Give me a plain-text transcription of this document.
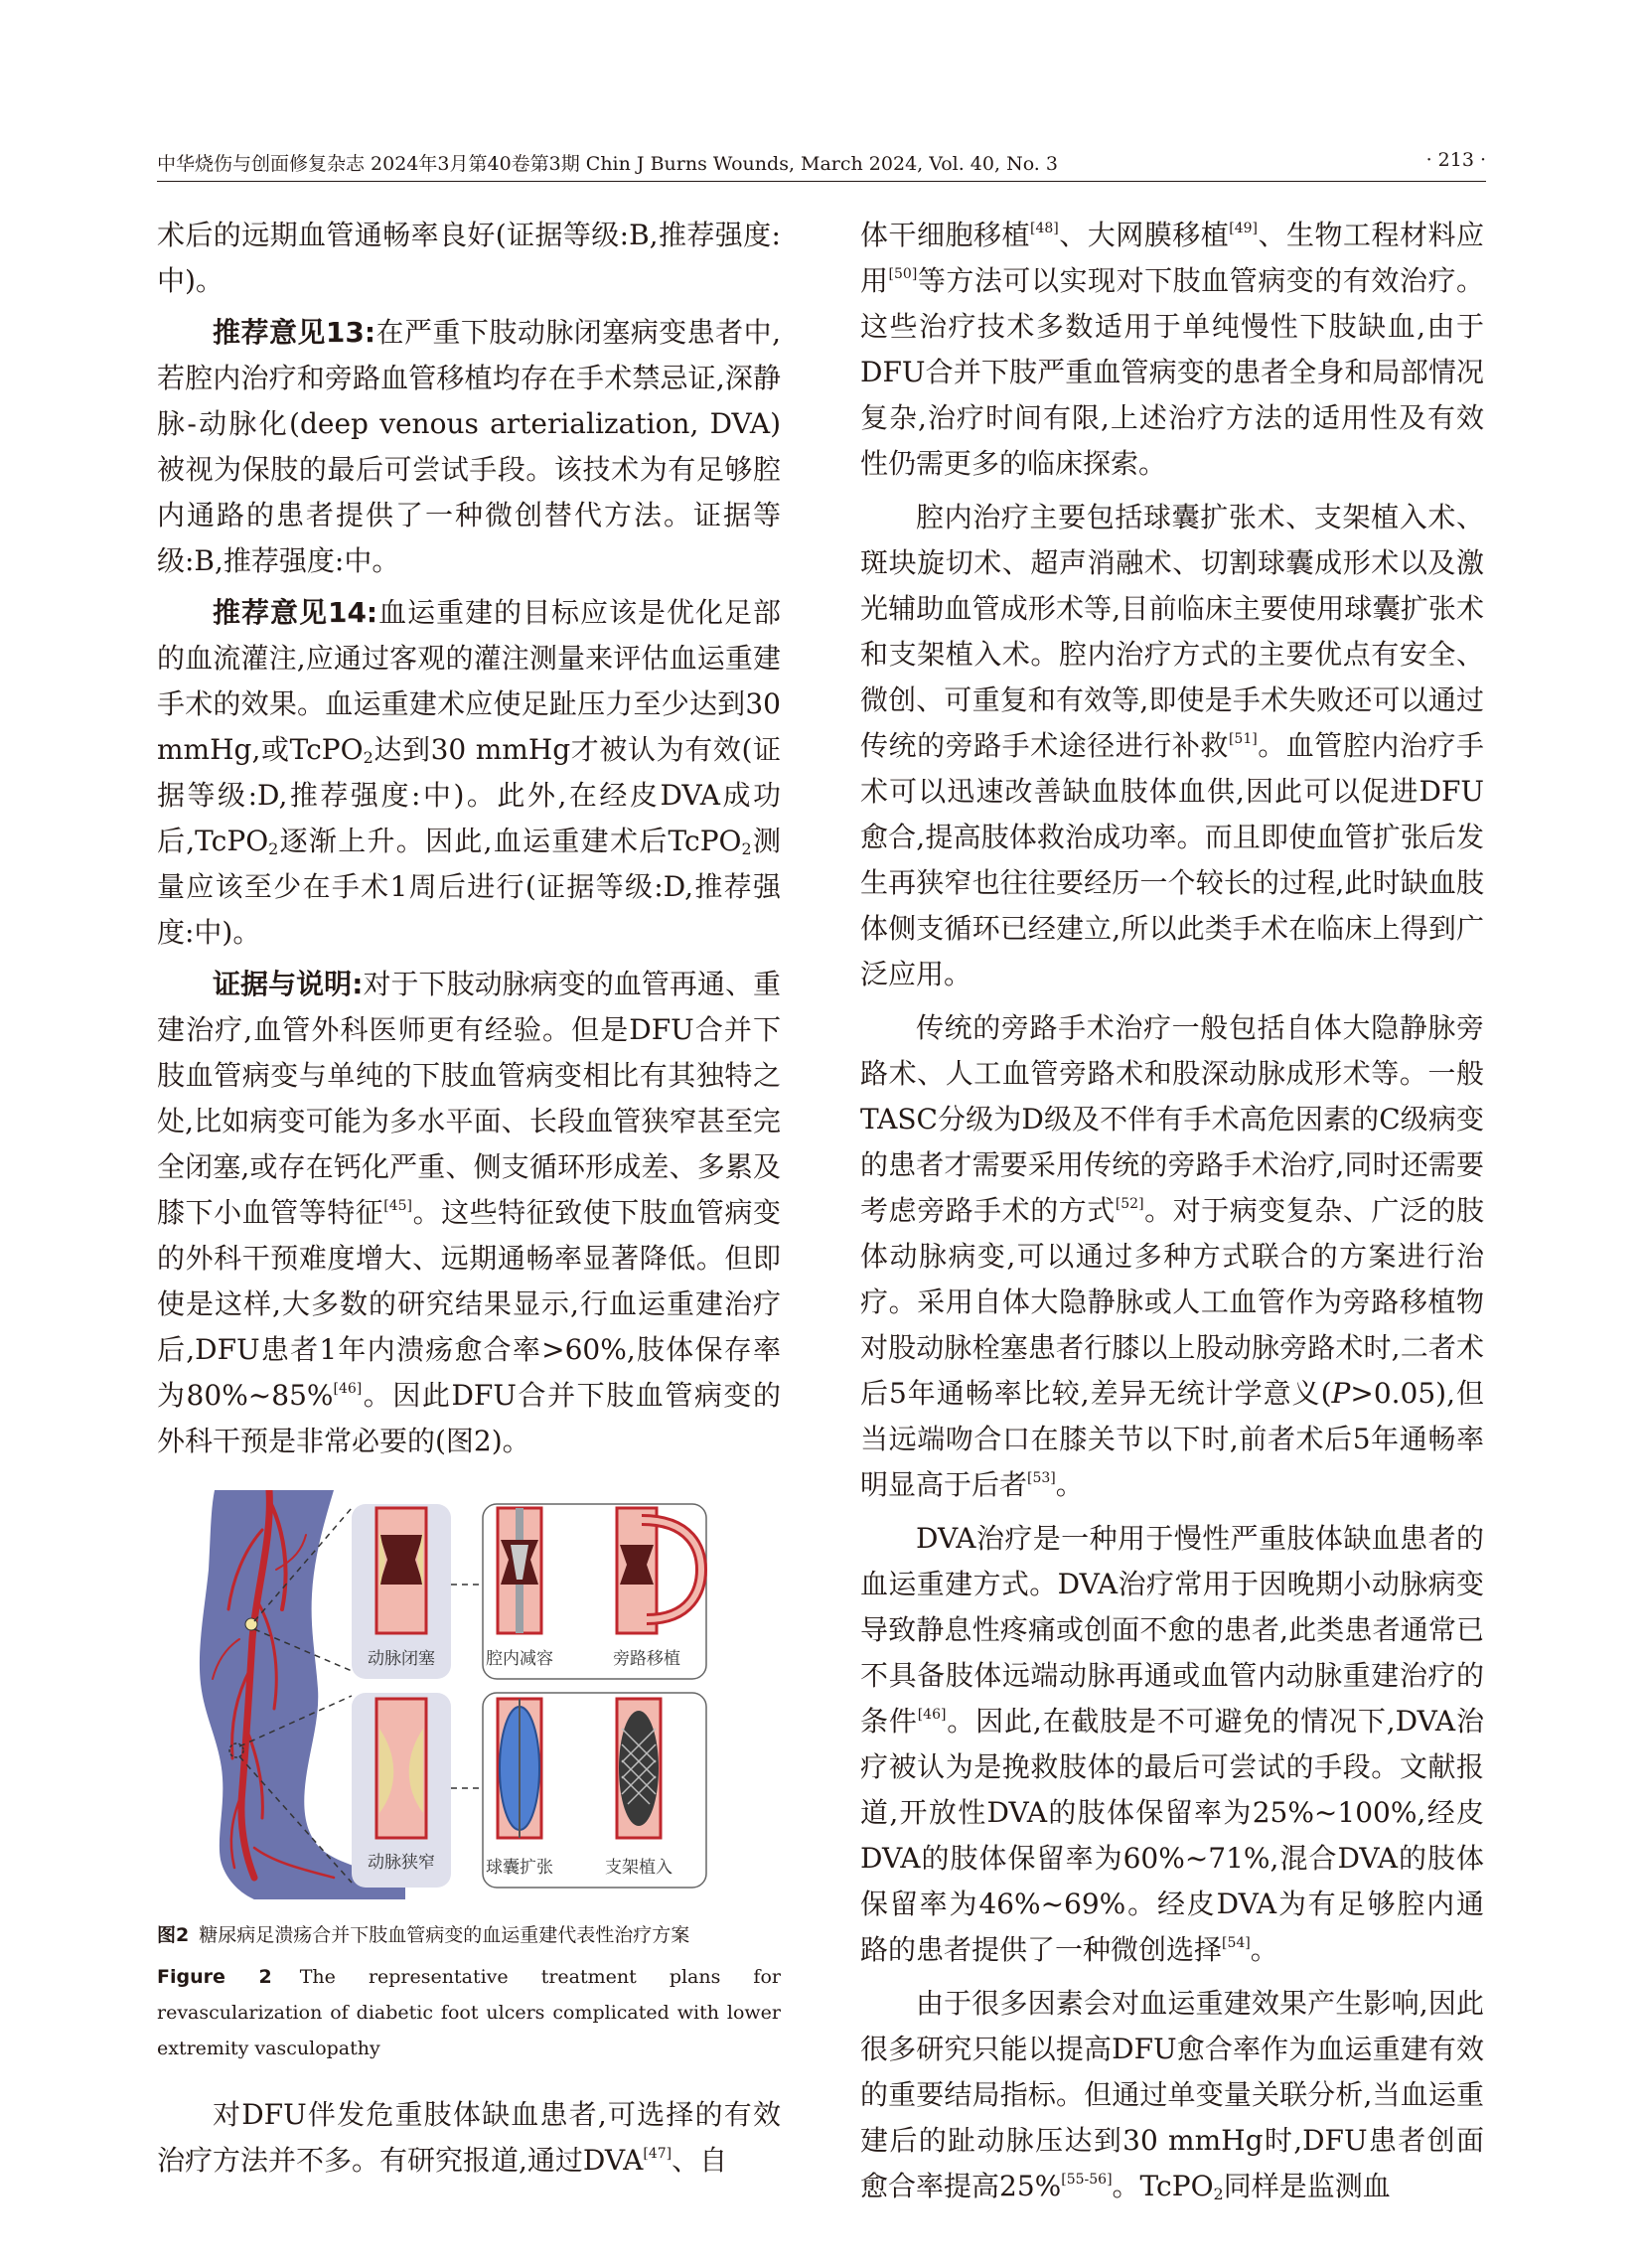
中华烧伤与创面修复杂志 2024年3月第40卷第3期 Chin J Burns Wounds, March 2024, Vol. 40, No. 3	· 213 ·

术后的远期血管通畅率良好(证据等级:B,推荐强度:中)。

推荐意见13:在严重下肢动脉闭塞病变患者中,若腔内治疗和旁路血管移植均存在手术禁忌证,深静脉-动脉化(deep venous arterialization, DVA)被视为保肢的最后可尝试手段。该技术为有足够腔内通路的患者提供了一种微创替代方法。证据等级:B,推荐强度:中。

推荐意见14:血运重建的目标应该是优化足部的血流灌注,应通过客观的灌注测量来评估血运重建手术的效果。血运重建术应使足趾压力至少达到30 mmHg,或TcPO$_2$达到30 mmHg才被认为有效(证据等级:D,推荐强度:中)。此外,在经皮DVA成功后,TcPO$_2$逐渐上升。因此,血运重建术后TcPO$_2$测量应该至少在手术1周后进行(证据等级:D,推荐强度:中)。

证据与说明:对于下肢动脉病变的血管再通、重建治疗,血管外科医师更有经验。但是DFU合并下肢血管病变与单纯的下肢血管病变相比有其独特之处,比如病变可能为多水平面、长段血管狭窄甚至完全闭塞,或存在钙化严重、侧支循环形成差、多累及膝下小血管等特征[45]。这些特征致使下肢血管病变的外科干预难度增大、远期通畅率显著降低。但即使是这样,大多数的研究结果显示,行血运重建治疗后,DFU患者1年内溃疡愈合率>60%,肢体保存率为80%~85%[46]。因此DFU合并下肢血管病变的外科干预是非常必要的(图2)。

动脉闭塞	腔内减容	旁路移植
动脉狭窄	球囊扩张	支架植入
图2 糖尿病足溃疡合并下肢血管病变的血运重建代表性治疗方案
Figure 2 The representative treatment plans for revascularization of diabetic foot ulcers complicated with lower extremity vasculopathy

对DFU伴发危重肢体缺血患者,可选择的有效治疗方法并不多。有研究报道,通过DVA[47]、自

体干细胞移植[48]、大网膜移植[49]、生物工程材料应用[50]等方法可以实现对下肢血管病变的有效治疗。这些治疗技术多数适用于单纯慢性下肢缺血,由于DFU合并下肢严重血管病变的患者全身和局部情况复杂,治疗时间有限,上述治疗方法的适用性及有效性仍需更多的临床探索。

腔内治疗主要包括球囊扩张术、支架植入术、斑块旋切术、超声消融术、切割球囊成形术以及激光辅助血管成形术等,目前临床主要使用球囊扩张术和支架植入术。腔内治疗方式的主要优点有安全、微创、可重复和有效等,即使是手术失败还可以通过传统的旁路手术途径进行补救[51]。血管腔内治疗手术可以迅速改善缺血肢体血供,因此可以促进DFU愈合,提高肢体救治成功率。而且即使血管扩张后发生再狭窄也往往要经历一个较长的过程,此时缺血肢体侧支循环已经建立,所以此类手术在临床上得到广泛应用。

传统的旁路手术治疗一般包括自体大隐静脉旁路术、人工血管旁路术和股深动脉成形术等。一般TASC分级为D级及不伴有手术高危因素的C级病变的患者才需要采用传统的旁路手术治疗,同时还需要考虑旁路手术的方式[52]。对于病变复杂、广泛的肢体动脉病变,可以通过多种方式联合的方案进行治疗。采用自体大隐静脉或人工血管作为旁路移植物对股动脉栓塞患者行膝以上股动脉旁路术时,二者术后5年通畅率比较,差异无统计学意义(P>0.05),但当远端吻合口在膝关节以下时,前者术后5年通畅率明显高于后者[53]。

DVA治疗是一种用于慢性严重肢体缺血患者的血运重建方式。DVA治疗常用于因晚期小动脉病变导致静息性疼痛或创面不愈的患者,此类患者通常已不具备肢体远端动脉再通或血管内动脉重建治疗的条件[46]。因此,在截肢是不可避免的情况下,DVA治疗被认为是挽救肢体的最后可尝试的手段。文献报道,开放性DVA的肢体保留率为25%~100%,经皮DVA的肢体保留率为60%~71%,混合DVA的肢体保留率为46%~69%。经皮DVA为有足够腔内通路的患者提供了一种微创选择[54]。

由于很多因素会对血运重建效果产生影响,因此很多研究只能以提高DFU愈合率作为血运重建有效的重要结局指标。但通过单变量关联分析,当血运重建后的趾动脉压达到30 mmHg时,DFU患者创面愈合率提高25%[55-56]。TcPO$_2$同样是监测血
